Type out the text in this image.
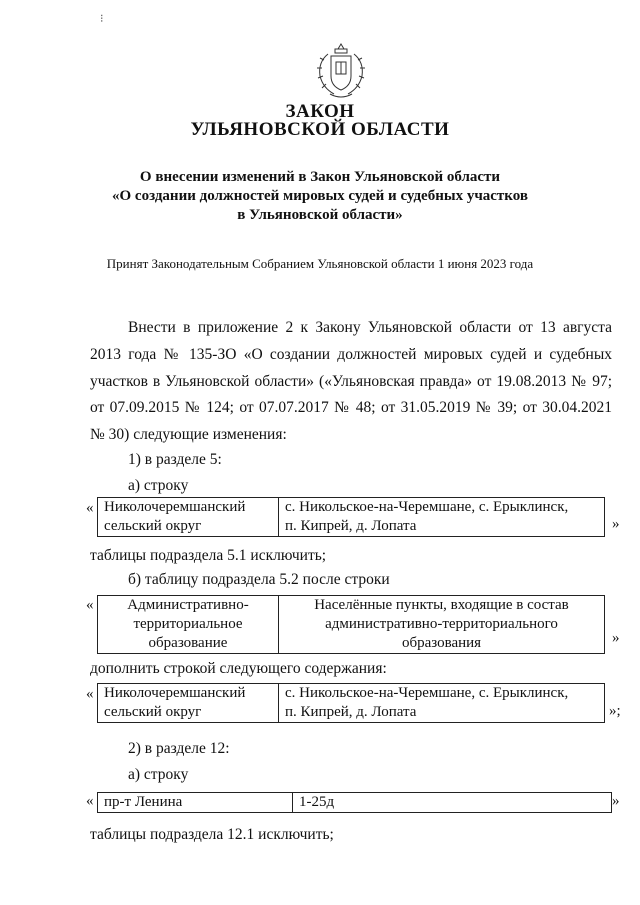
⁝
ЗАКОН
УЛЬЯНОВСКОЙ ОБЛАСТИ
О внесении изменений в Закон Ульяновской области
«О создании должностей мировых судей и судебных участков
в Ульяновской области»
Принят Законодательным Собранием Ульяновской области 1 июня 2023 года
Внести в приложение 2 к Закону Ульяновской области от 13 августа
2013 года № 135-ЗО «О создании должностей мировых судей и судебных
участков в Ульяновской области» («Ульяновская правда» от 19.08.2013 № 97;
от 07.09.2015 № 124; от 07.07.2017 № 48; от 31.05.2019 № 39; от 30.04.2021
№ 30) следующие изменения:
1) в разделе 5:
а) строку
« Николочеремшанский
сельский округ

с. Никольское-на-Черемшане, с. Ерыклинск,
п. Кипрей, д. Лопата	»
таблицы подраздела 5.1 исключить;
б) таблицу подраздела 5.2 после строки
«	Административно-
территориальное
образование

Населённые пункты, входящие в состав
административно-территориального
образования	»
дополнить строкой следующего содержания:
« Николочеремшанский
сельский округ

с. Никольское-на-Черемшане, с. Ерыклинск,
п. Кипрей, д. Лопата	»;
2) в разделе 12:
а) строку
« пр-т Ленина	1-25д	»
таблицы подраздела 12.1 исключить;
